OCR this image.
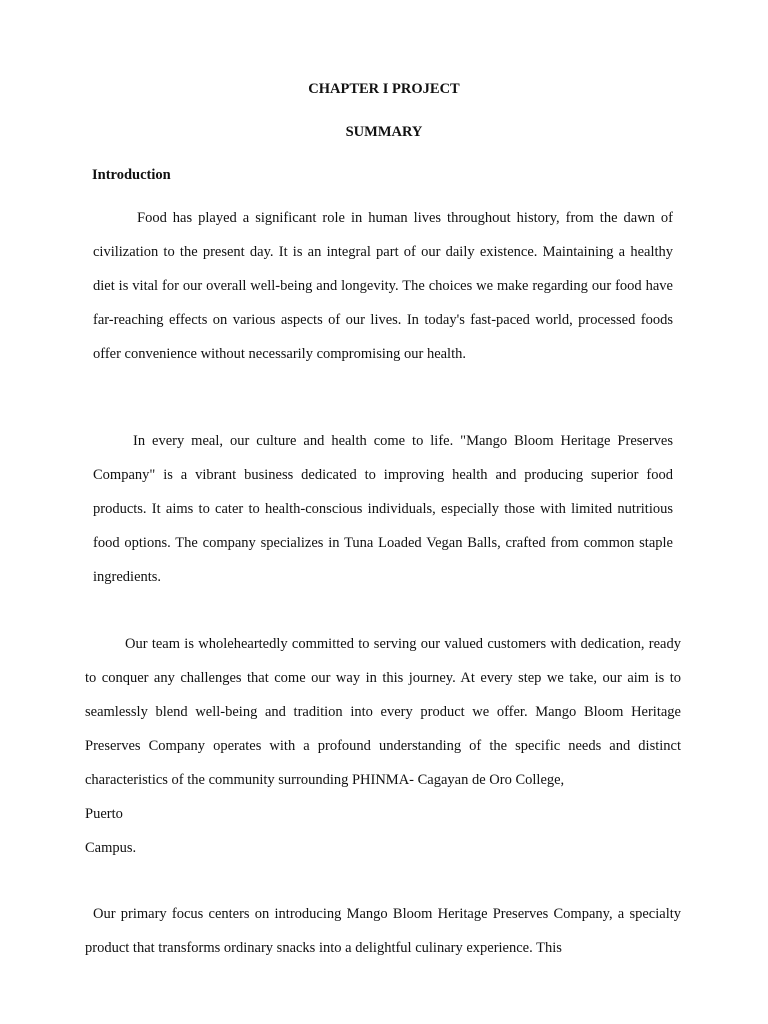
CHAPTER I PROJECT

SUMMARY

Introduction

Food has played a significant role in human lives throughout history, from the dawn of civilization to the present day. It is an integral part of our daily existence. Maintaining a healthy diet is vital for our overall well-being and longevity. The choices we make regarding our food have far-reaching effects on various aspects of our lives. In today's fast-paced world, processed foods offer convenience without necessarily compromising our health.

In every meal, our culture and health come to life. "Mango Bloom Heritage Preserves Company" is a vibrant business dedicated to improving health and producing superior food products. It aims to cater to health-conscious individuals, especially those with limited nutritious food options. The company specializes in Tuna Loaded Vegan Balls, crafted from common staple ingredients.

Our team is wholeheartedly committed to serving our valued customers with dedication, ready to conquer any challenges that come our way in this journey. At every step we take, our aim is to seamlessly blend well-being and tradition into every product we offer. Mango Bloom Heritage Preserves Company operates with a profound understanding of the specific needs and distinct characteristics of the community surrounding PHINMA- Cagayan de Oro College,

Puerto

Campus.

Our primary focus centers on introducing Mango Bloom Heritage Preserves Company, a specialty product that transforms ordinary snacks into a delightful culinary experience. This
